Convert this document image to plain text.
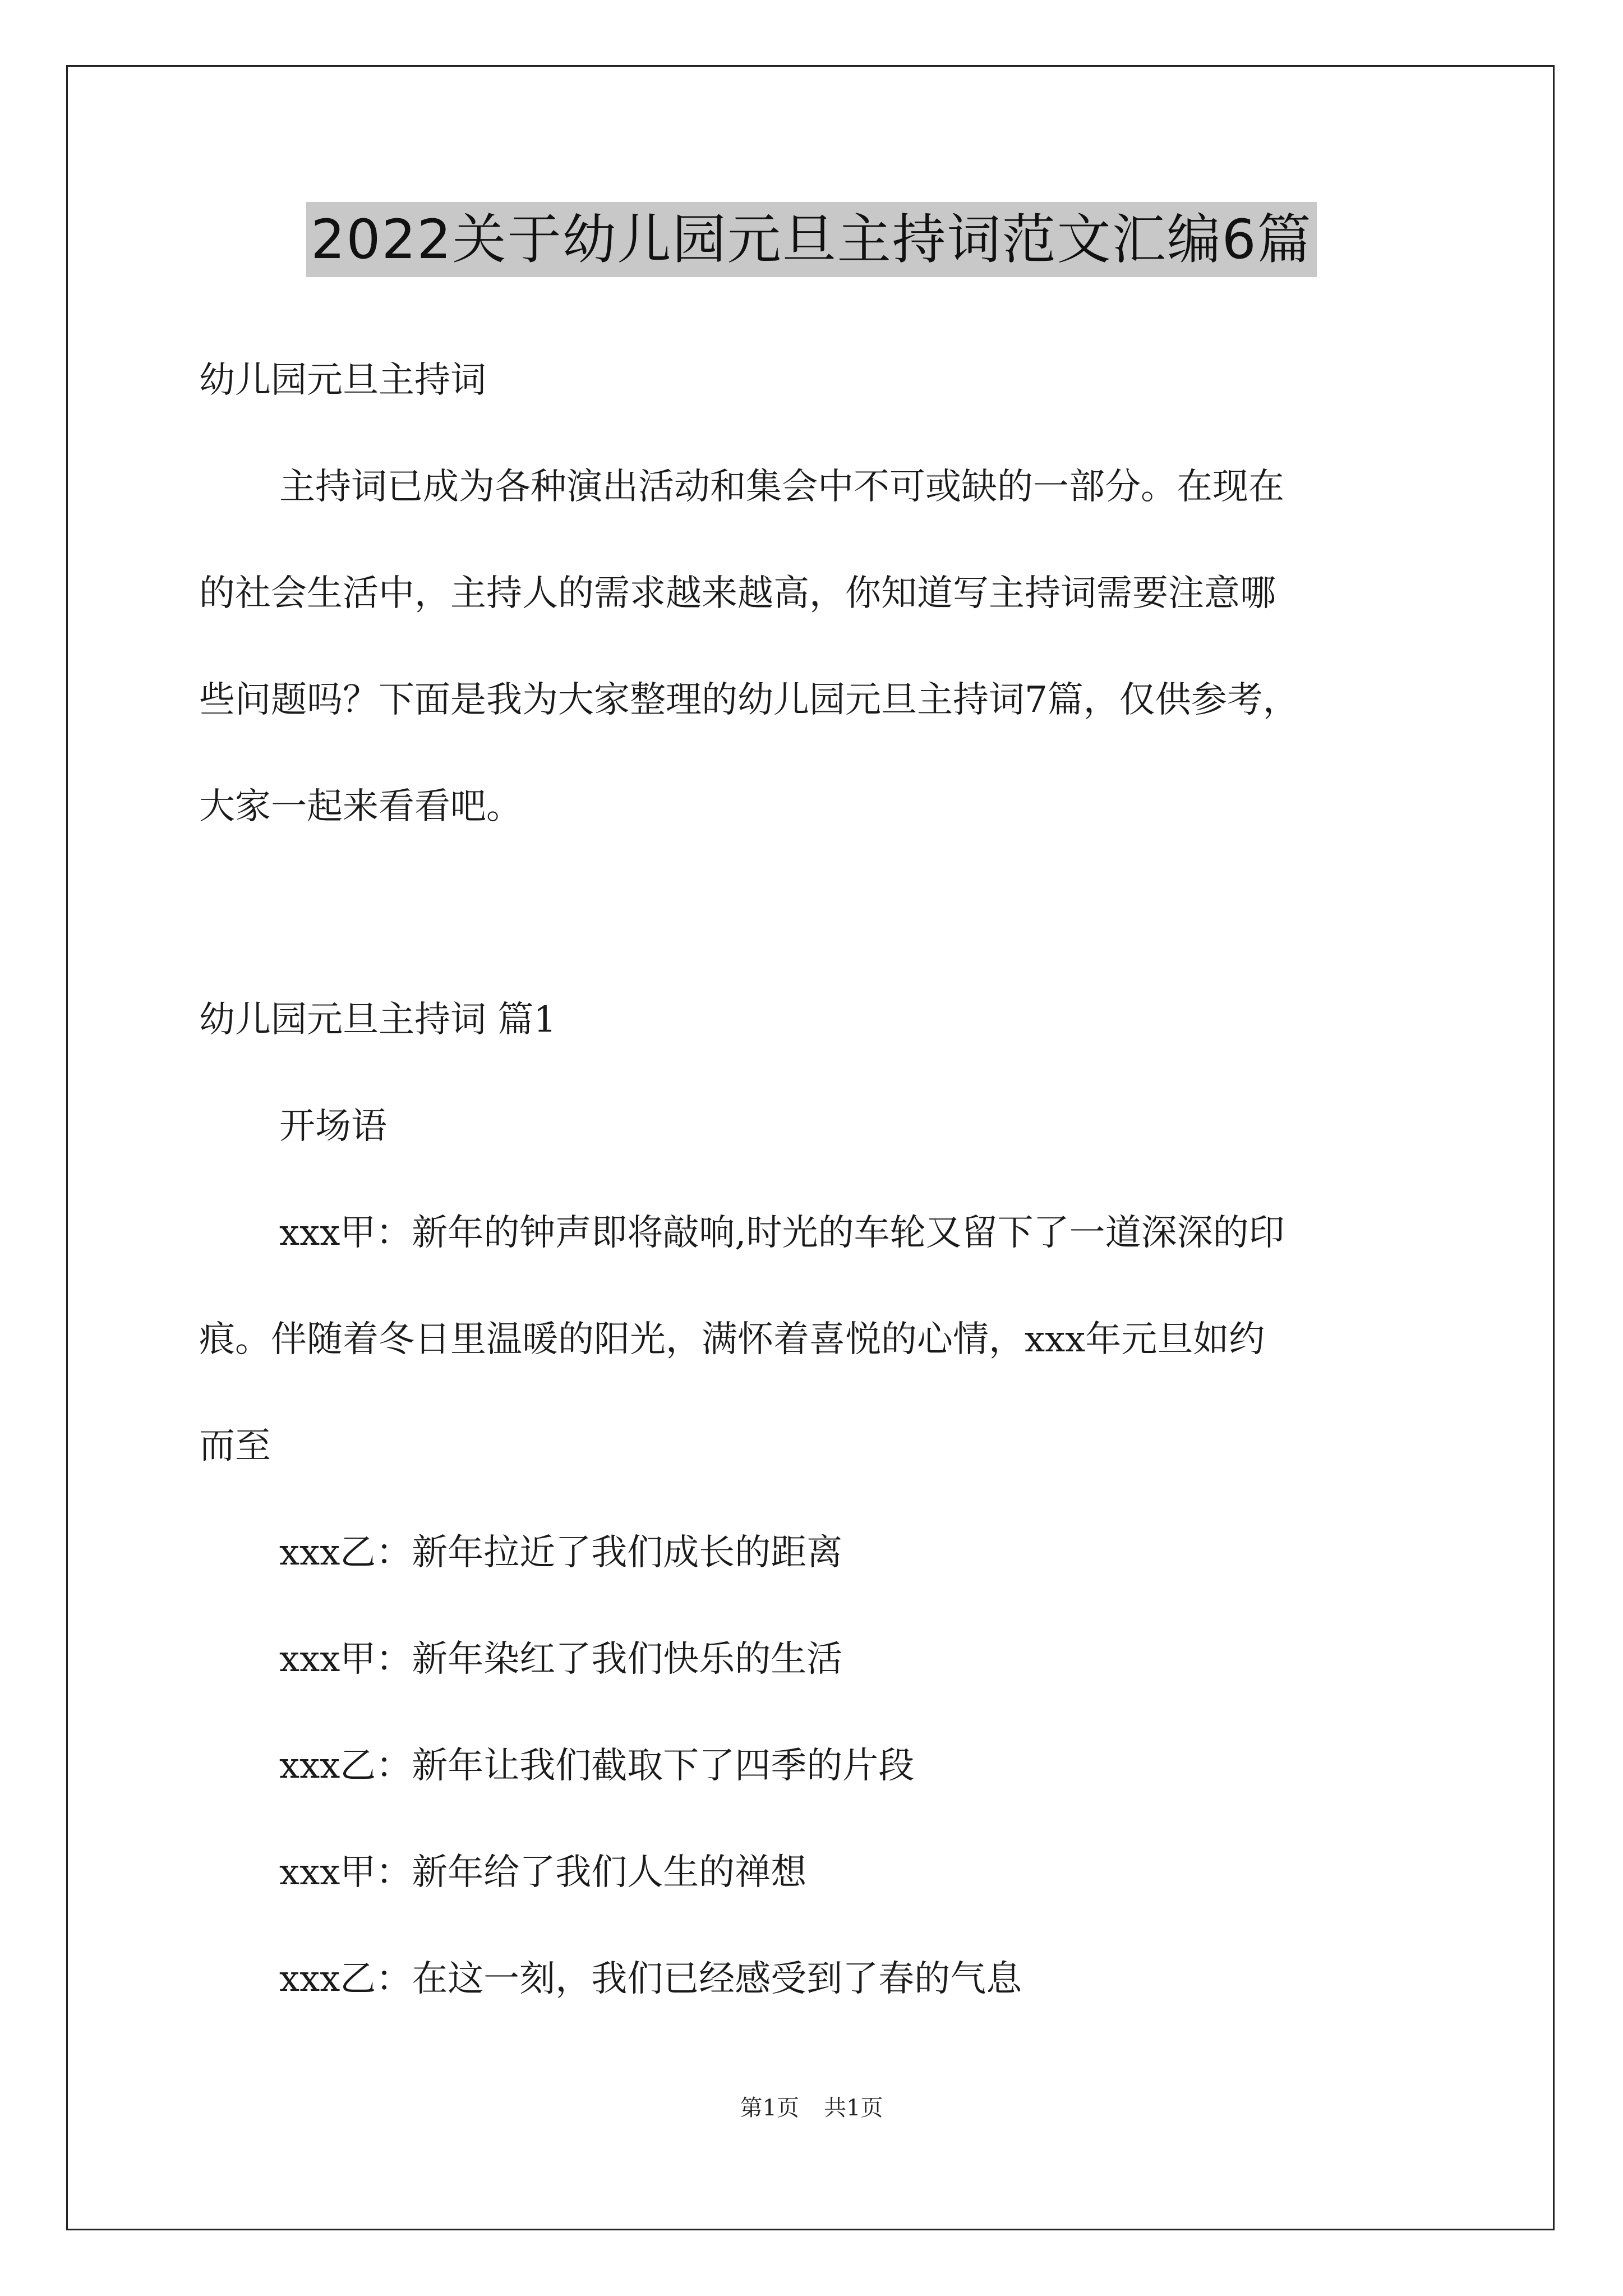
2022关于幼儿园元旦主持词范文汇编6篇
幼儿园元旦主持词
主持词已成为各种演出活动和集会中不可或缺的一部分。在现在
的社会生活中，主持人的需求越来越高，你知道写主持词需要注意哪
些问题吗？下面是我为大家整理的幼儿园元旦主持词7篇，仅供参考，
大家一起来看看吧。
幼儿园元旦主持词 篇1
开场语
xxx甲：新年的钟声即将敲响,时光的车轮又留下了一道深深的印
痕。伴随着冬日里温暖的阳光，满怀着喜悦的心情，xxx年元旦如约
而至
xxx乙：新年拉近了我们成长的距离
xxx甲：新年染红了我们快乐的生活
xxx乙：新年让我们截取下了四季的片段
xxx甲：新年给了我们人生的禅想
xxx乙：在这一刻，我们已经感受到了春的气息
第1页 共1页
